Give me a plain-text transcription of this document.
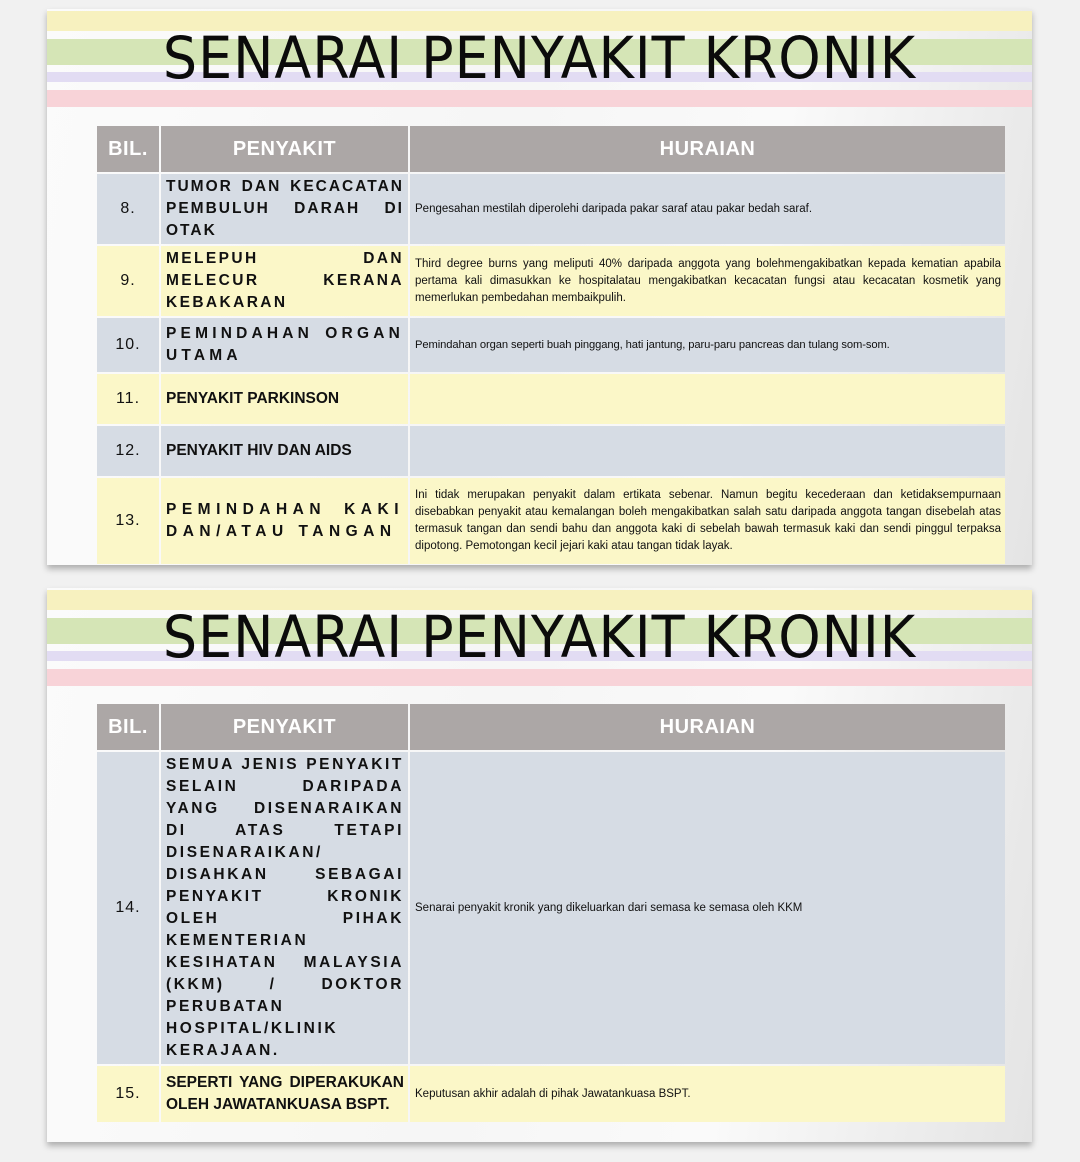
SENARAI PENYAKIT KRONIK
BIL.	PENYAKIT	HURAIAN
8.	TUMOR DAN KECACATAN PEMBULUH DARAH DI OTAK	Pengesahan mestilah diperolehi daripada pakar saraf atau pakar bedah saraf.
9.	MELEPUH DAN MELECUR KERANA KEBAKARAN	Third degree burns yang meliputi 40% daripada anggota yang bolehmengakibatkan kepada kematian apabila pertama kali dimasukkan ke hospitalatau mengakibatkan kecacatan fungsi atau kecacatan kosmetik yang memerlukan pembedahan membaikpulih.
10.	PEMINDAHAN ORGAN UTAMA	Pemindahan organ seperti buah pinggang, hati jantung, paru-paru pancreas dan tulang som-som.
11.	PENYAKIT PARKINSON	
12.	PENYAKIT HIV DAN AIDS	
13.	PEMINDAHAN KAKI DAN/ATAU TANGAN	Ini tidak merupakan penyakit dalam ertikata sebenar. Namun begitu kecederaan dan ketidaksempurnaan disebabkan penyakit atau kemalangan boleh mengakibatkan salah satu daripada anggota tangan disebelah atas termasuk tangan dan sendi bahu dan anggota kaki di sebelah bawah termasuk kaki dan sendi pinggul terpaksa dipotong. Pemotongan kecil jejari kaki atau tangan tidak layak.
SENARAI PENYAKIT KRONIK
BIL.	PENYAKIT	HURAIAN
14.	SEMUA JENIS PENYAKIT SELAIN DARIPADA YANG DISENARAIKAN DI ATAS TETAPI DISENARAIKAN/ DISAHKAN SEBAGAI PENYAKIT KRONIK OLEH PIHAK KEMENTERIAN KESIHATAN MALAYSIA (KKM) / DOKTOR PERUBATAN HOSPITAL/KLINIK KERAJAAN.	Senarai penyakit kronik yang dikeluarkan dari semasa ke semasa oleh KKM
15.	SEPERTI YANG DIPERAKUKAN OLEH JAWATANKUASA BSPT.	Keputusan akhir adalah di pihak Jawatankuasa BSPT.
